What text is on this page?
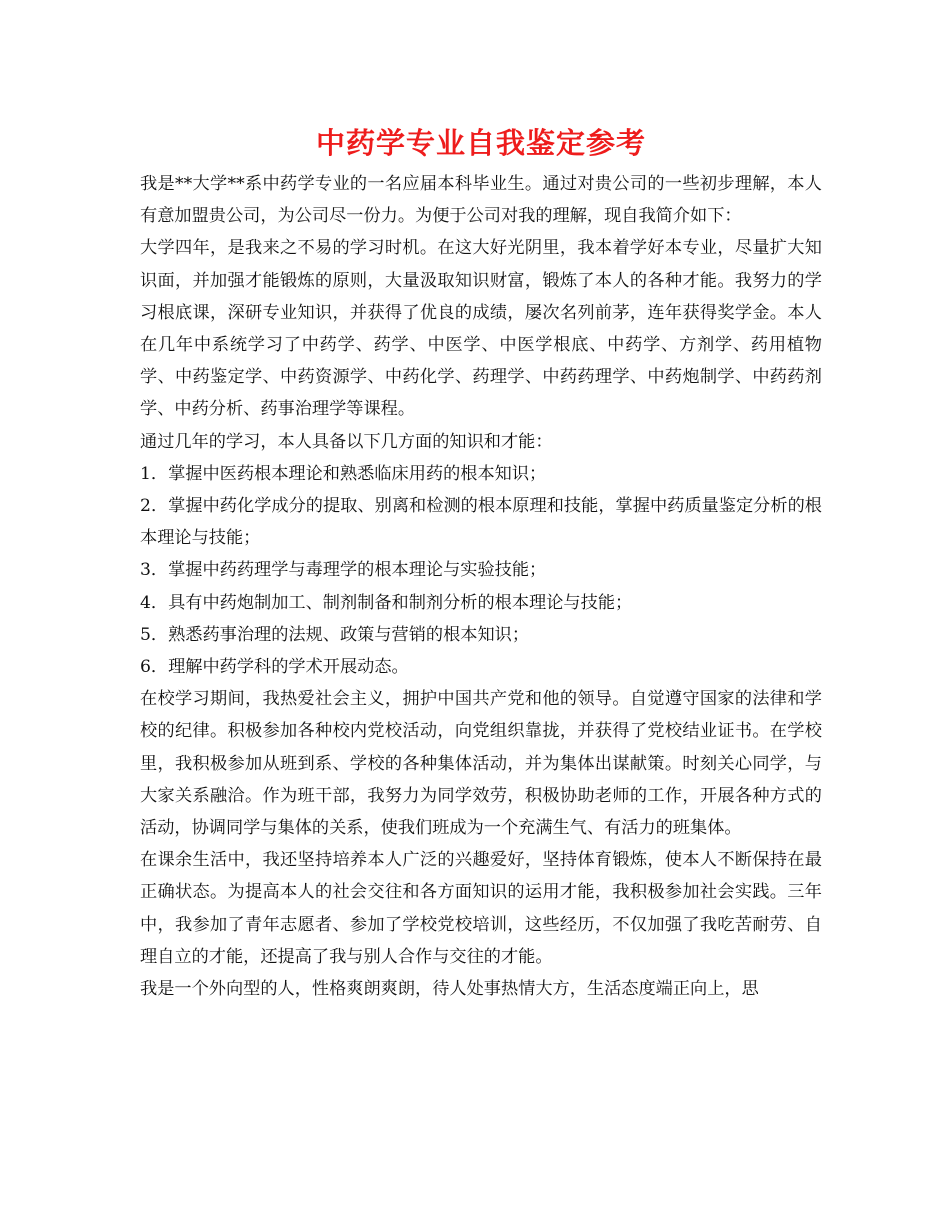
中药学专业自我鉴定参考

我是**大学**系中药学专业的一名应届本科毕业生。通过对贵公司的一些初步理解，本人有意加盟贵公司，为公司尽一份力。为便于公司对我的理解，现自我简介如下：

大学四年，是我来之不易的学习时机。在这大好光阴里，我本着学好本专业，尽量扩大知识面，并加强才能锻炼的原则，大量汲取知识财富，锻炼了本人的各种才能。我努力的学习根底课，深研专业知识，并获得了优良的成绩，屡次名列前茅，连年获得奖学金。本人在几年中系统学习了中药学、药学、中医学、中医学根底、中药学、方剂学、药用植物学、中药鉴定学、中药资源学、中药化学、药理学、中药药理学、中药炮制学、中药药剂学、中药分析、药事治理学等课程。

通过几年的学习，本人具备以下几方面的知识和才能：

1．掌握中医药根本理论和熟悉临床用药的根本知识；

2．掌握中药化学成分的提取、别离和检测的根本原理和技能，掌握中药质量鉴定分析的根本理论与技能；

3．掌握中药药理学与毒理学的根本理论与实验技能；

4．具有中药炮制加工、制剂制备和制剂分析的根本理论与技能；

5．熟悉药事治理的法规、政策与营销的根本知识；

6．理解中药学科的学术开展动态。

在校学习期间，我热爱社会主义，拥护中国共产党和他的领导。自觉遵守国家的法律和学校的纪律。积极参加各种校内党校活动，向党组织靠拢，并获得了党校结业证书。在学校里，我积极参加从班到系、学校的各种集体活动，并为集体出谋献策。时刻关心同学，与大家关系融洽。作为班干部，我努力为同学效劳，积极协助老师的工作，开展各种方式的活动，协调同学与集体的关系，使我们班成为一个充满生气、有活力的班集体。

在课余生活中，我还坚持培养本人广泛的兴趣爱好，坚持体育锻炼，使本人不断保持在最正确状态。为提高本人的社会交往和各方面知识的运用才能，我积极参加社会实践。三年中，我参加了青年志愿者、参加了学校党校培训，这些经历，不仅加强了我吃苦耐劳、自理自立的才能，还提高了我与别人合作与交往的才能。

我是一个外向型的人，性格爽朗爽朗，待人处事热情大方，生活态度端正向上，思
